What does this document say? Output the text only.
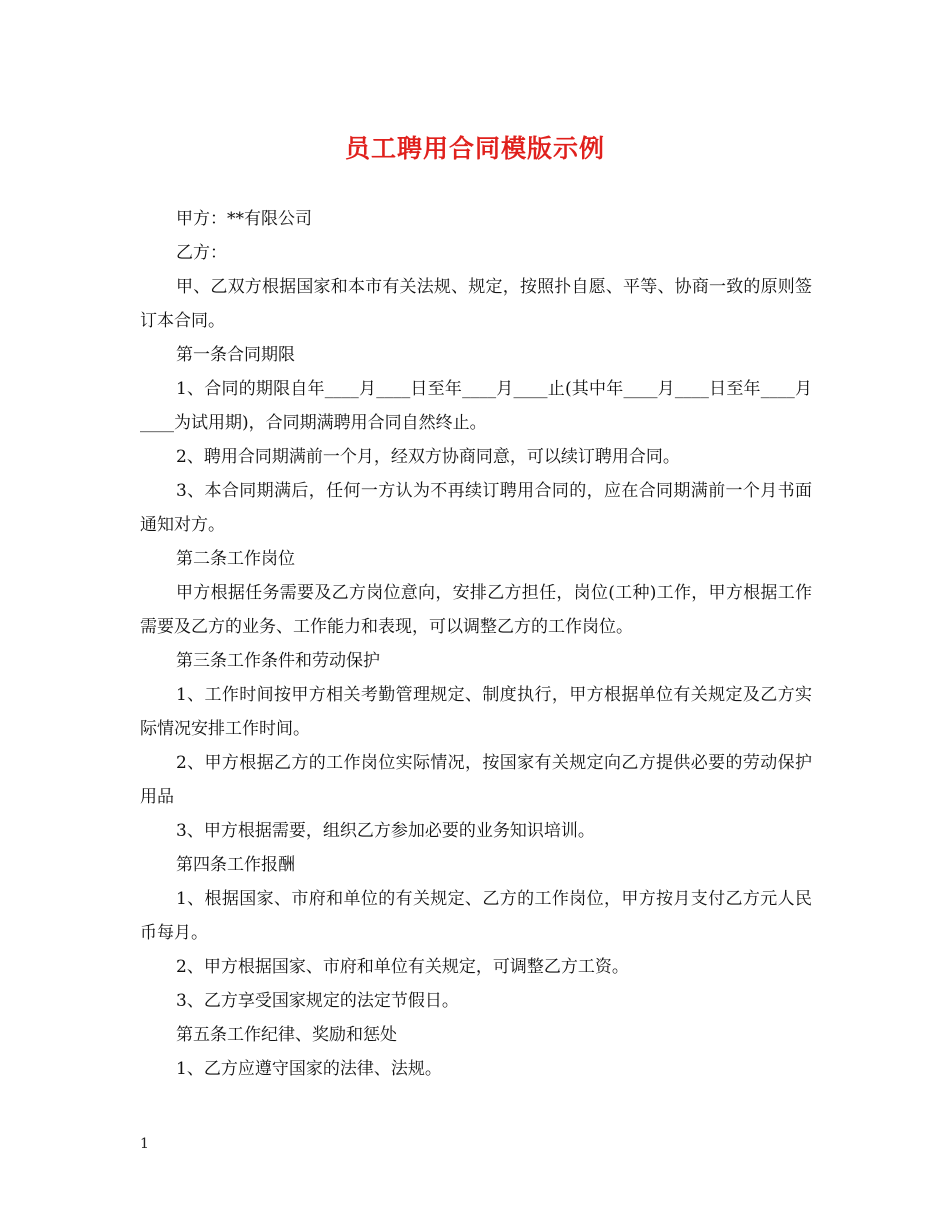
员工聘用合同模版示例

甲方：**有限公司

乙方：

甲、乙双方根据国家和本市有关法规、规定，按照扑自愿、平等、协商一致的原则签订本合同。

第一条合同期限

1、合同的期限自年____月____日至年____月____止(其中年____月____日至年____月____为试用期)，合同期满聘用合同自然终止。

2、聘用合同期满前一个月，经双方协商同意，可以续订聘用合同。

3、本合同期满后，任何一方认为不再续订聘用合同的，应在合同期满前一个月书面通知对方。

第二条工作岗位

甲方根据任务需要及乙方岗位意向，安排乙方担任，岗位(工种)工作，甲方根据工作需要及乙方的业务、工作能力和表现，可以调整乙方的工作岗位。

第三条工作条件和劳动保护

1、工作时间按甲方相关考勤管理规定、制度执行，甲方根据单位有关规定及乙方实际情况安排工作时间。

2、甲方根据乙方的工作岗位实际情况，按国家有关规定向乙方提供必要的劳动保护用品

3、甲方根据需要，组织乙方参加必要的业务知识培训。

第四条工作报酬

1、根据国家、市府和单位的有关规定、乙方的工作岗位，甲方按月支付乙方元人民币每月。

2、甲方根据国家、市府和单位有关规定，可调整乙方工资。

3、乙方享受国家规定的法定节假日。

第五条工作纪律、奖励和惩处

1、乙方应遵守国家的法律、法规。

1
